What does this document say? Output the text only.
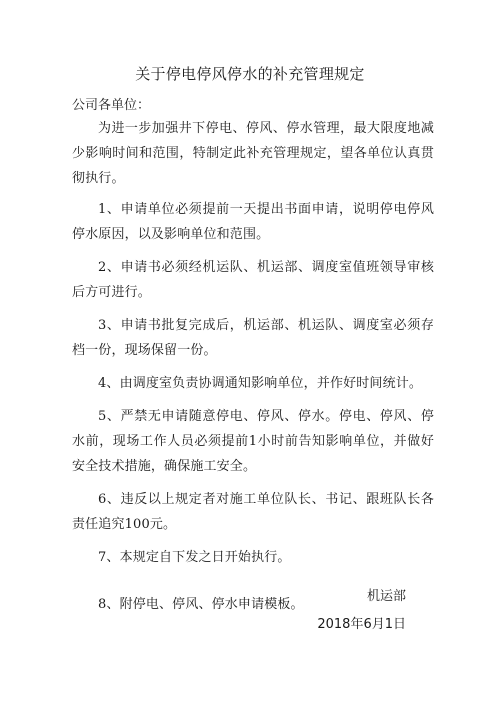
关于停电停风停水的补充管理规定
公司各单位：

为进一步加强井下停电、停风、停水管理，最大限度地减少影响时间和范围，特制定此补充管理规定，望各单位认真贯彻执行。

1、申请单位必须提前一天提出书面申请，说明停电停风停水原因，以及影响单位和范围。

2、申请书必须经机运队、机运部、调度室值班领导审核后方可进行。

3、申请书批复完成后，机运部、机运队、调度室必须存档一份，现场保留一份。

4、由调度室负责协调通知影响单位，并作好时间统计。

5、严禁无申请随意停电、停风、停水。停电、停风、停水前，现场工作人员必须提前1小时前告知影响单位，并做好安全技术措施，确保施工安全。

6、违反以上规定者对施工单位队长、书记、跟班队长各责任追究100元。

7、本规定自下发之日开始执行。

8、附停电、停风、停水申请模板。

机运部
2018年6月1日
